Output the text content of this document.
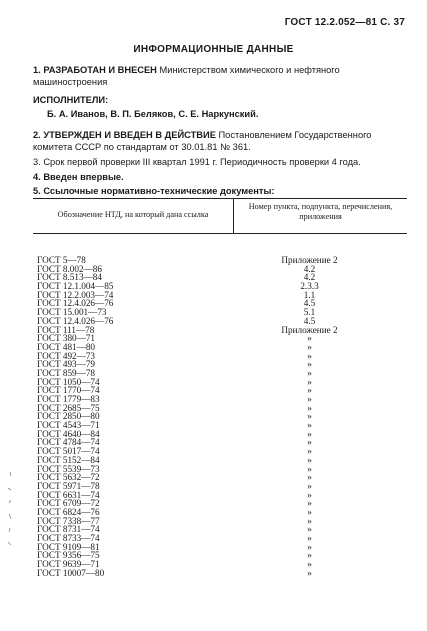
ГОСТ 12.2.052—81 С. 37
ИНФОРМАЦИОННЫЕ ДАННЫЕ
1. РАЗРАБОТАН И ВНЕСЕН Министерством химического и нефтяного машиностроения
ИСПОЛНИТЕЛИ:
Б. А. Иванов, В. П. Беляков, С. Е. Наркунский.
2. УТВЕРЖДЕН И ВВЕДЕН В ДЕЙСТВИЕ Постановлением Государственного комитета СССР по стандартам от 30.01.81 № 361.
3. Срок первой проверки III квартал 1991 г. Периодичность проверки 4 года.
4. Введен впервые.
5. Ссылочные нормативно-технические документы:
Обозначение НТД, на который дана ссылка
Номер пункта, подпункта, перечисления, приложения
ГОСТ 5—78	Приложение 2
ГОСТ 8.002—86	4.2
ГОСТ 8.513—84	4.2
ГОСТ 12.1.004—85	2.3.3
ГОСТ 12.2.003—74	1.1
ГОСТ 12.4.026—76	4.5
ГОСТ 15.001—73	5.1
ГОСТ 12.4.026—76	4.5
ГОСТ 111—78	Приложение 2
ГОСТ 380—71	»
ГОСТ 481—80	»
ГОСТ 492—73	»
ГОСТ 493—79	»
ГОСТ 859—78	»
ГОСТ 1050—74	»
ГОСТ 1770—74	»
ГОСТ 1779—83	»
ГОСТ 2685—75	»
ГОСТ 2850—80	»
ГОСТ 4543—71	»
ГОСТ 4640—84	»
ГОСТ 4784—74	»
ГОСТ 5017—74	»
ГОСТ 5152—84	»
ГОСТ 5539—73	»
ГОСТ 5632—72	»
ГОСТ 5971—78	»
ГОСТ 6631—74	»
ГОСТ 6709—72	»
ГОСТ 6824—76	»
ГОСТ 7338—77	»
ГОСТ 8731—74	»
ГОСТ 8733—74	»
ГОСТ 9109—81	»
ГОСТ 9356—75	»
ГОСТ 9639—71	»
ГОСТ 10007—80	»
